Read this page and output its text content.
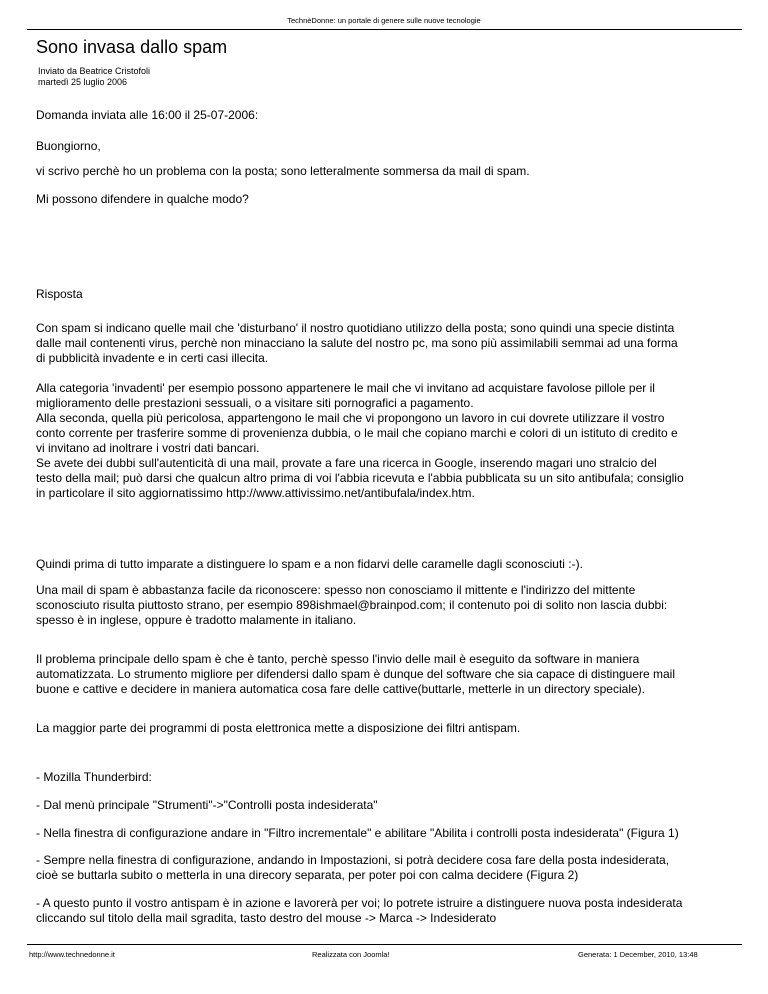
TechnèDonne: un portale di genere sulle nuove tecnologie
Sono invasa dallo spam
Inviato da Beatrice Cristofoli
martedì 25 luglio 2006

Domanda inviata alle 16:00 il 25-07-2006:

Buongiorno,

vi scrivo perchè ho un problema con la posta; sono letteralmente sommersa da mail di spam.

Mi possono difendere in qualche modo?

Risposta

Con spam si indicano quelle mail che 'disturbano' il nostro quotidiano utilizzo della posta; sono quindi una specie distinta
dalle mail contenenti virus, perchè non minacciano la salute del nostro pc, ma sono più assimilabili semmai ad una forma
di pubblicità invadente e in certi casi illecita.

Alla categoria 'invadenti' per esempio possono appartenere le mail che vi invitano ad acquistare favolose pillole per il
miglioramento delle prestazioni sessuali, o a visitare siti pornografici a pagamento.
Alla seconda, quella più pericolosa, appartengono le mail che vi propongono un lavoro in cui dovrete utilizzare il vostro
conto corrente per trasferire somme di provenienza dubbia, o le mail che copiano marchi e colori di un istituto di credito e
vi invitano ad inoltrare i vostri dati bancari.
Se avete dei dubbi sull'autenticità di una mail, provate a fare una ricerca in Google, inserendo magari uno stralcio del
testo della mail; può darsi che qualcun altro prima di voi l'abbia ricevuta e l'abbia pubblicata su un sito antibufala; consiglio
in particolare il sito aggiornatissimo http://www.attivissimo.net/antibufala/index.htm.

Quindi prima di tutto imparate a distinguere lo spam e a non fidarvi delle caramelle dagli sconosciuti :-).

Una mail di spam è abbastanza facile da riconoscere: spesso non conosciamo il mittente e l'indirizzo del mittente
sconosciuto risulta piuttosto strano, per esempio 898ishmael@brainpod.com; il contenuto poi di solito non lascia dubbi:
spesso è in inglese, oppure è tradotto malamente in italiano.

Il problema principale dello spam è che è tanto, perchè spesso l'invio delle mail è eseguito da software in maniera
automatizzata. Lo strumento migliore per difendersi dallo spam è dunque del software che sia capace di distinguere mail
buone e cattive e decidere in maniera automatica cosa fare delle cattive(buttarle, metterle in un directory speciale).

La maggior parte dei programmi di posta elettronica mette a disposizione dei filtri antispam.

- Mozilla Thunderbird:

- Dal menù principale "Strumenti"->"Controlli posta indesiderata"

- Nella finestra di configurazione andare in "Filtro incrementale" e abilitare "Abilita i controlli posta indesiderata" (Figura 1)

- Sempre nella finestra di configurazione, andando in Impostazioni, si potrà decidere cosa fare della posta indesiderata,
cioè se buttarla subito o metterla in una direcory separata, per poter poi con calma decidere (Figura 2)

- A questo punto il vostro antispam è in azione e lavorerà per voi; lo potrete istruire a distinguere nuova posta indesiderata
cliccando sul titolo della mail sgradita, tasto destro del mouse -> Marca -> Indesiderato

http://www.technedonne.it	Realizzata con Joomla!	Generata: 1 December, 2010, 13:48
